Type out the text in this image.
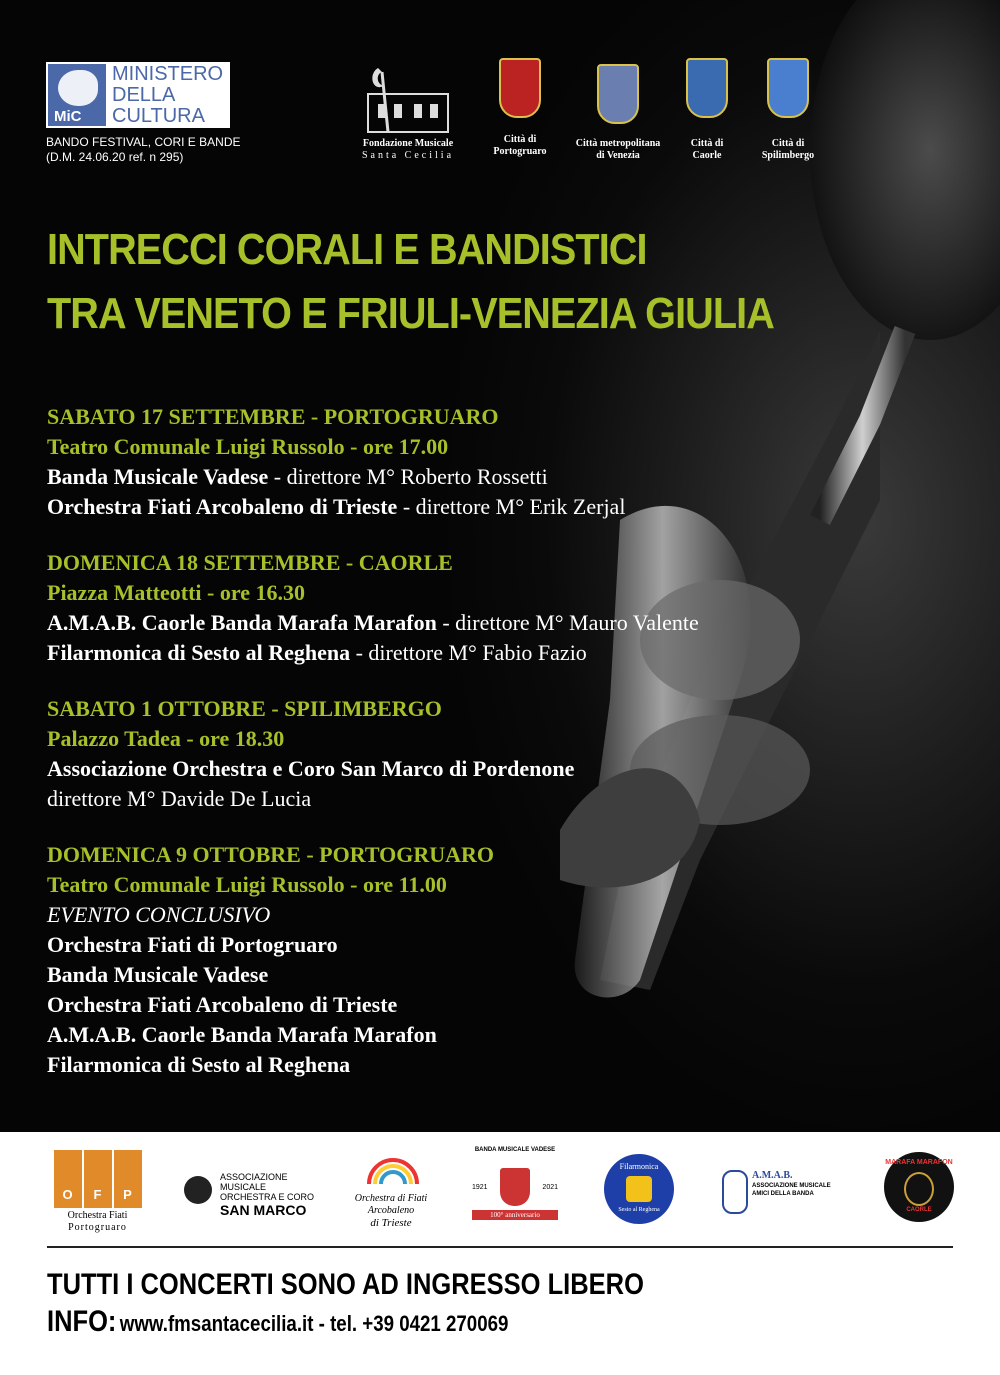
MiC
MINISTERO
DELLA
CULTURA
BANDO FESTIVAL, CORI E BANDE
(D.M. 24.06.20 ref. n 295)
Fondazione Musicale
Santa Cecilia
Città di
Portogruaro
Città metropolitana
di Venezia
Città di
Caorle
Città di
Spilimbergo
INTRECCI CORALI E BANDISTICI
TRA VENETO E FRIULI-VENEZIA GIULIA
SABATO 17 SETTEMBRE - PORTOGRUARO
Teatro Comunale Luigi Russolo - ore 17.00
Banda Musicale Vadese - direttore M° Roberto Rossetti
Orchestra Fiati Arcobaleno di Trieste - direttore M° Erik Zerjal
DOMENICA 18 SETTEMBRE - CAORLE
Piazza Matteotti - ore 16.30
A.M.A.B. Caorle Banda Marafa Marafon - direttore M° Mauro Valente
Filarmonica di Sesto al Reghena - direttore M° Fabio Fazio
SABATO 1 OTTOBRE - SPILIMBERGO
Palazzo Tadea - ore 18.30
Associazione Orchestra e Coro San Marco di Pordenone
direttore M° Davide De Lucia
DOMENICA 9 OTTOBRE - PORTOGRUARO
Teatro Comunale Luigi Russolo - ore 11.00
EVENTO CONCLUSIVO
Orchestra Fiati di Portogruaro
Banda Musicale Vadese
Orchestra Fiati Arcobaleno di Trieste
A.M.A.B. Caorle Banda Marafa Marafon
Filarmonica di Sesto al Reghena
O	F	P
Orchestra Fiati
Portogruaro
ASSOCIAZIONE MUSICALE
ORCHESTRA E CORO
SAN MARCO
Orchestra di Fiati
Arcobaleno
di Trieste
BANDA MUSICALE VADESE
1921	2021
100° anniversario
Filarmonica
Sesto al Reghena
A.M.A.B.
ASSOCIAZIONE MUSICALE
AMICI DELLA BANDA
MARAFA MARAFON
CAORLE
TUTTI I CONCERTI SONO AD INGRESSO LIBERO
INFO: www.fmsantacecilia.it - tel. +39 0421 270069
